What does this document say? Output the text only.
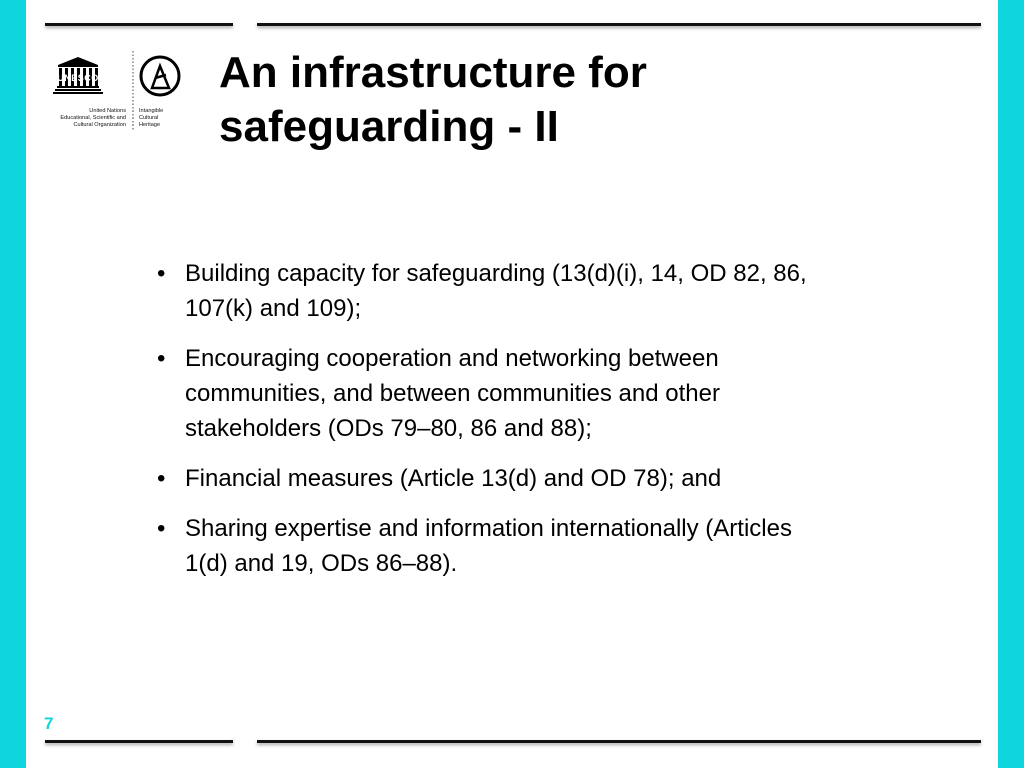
UNESCO
United Nations
Educational, Scientific and
Cultural Organization
·
·
·
Intangible
Cultural
Heritage
An infrastructure for
safeguarding - II
• Building capacity for safeguarding (13(d)(i), 14, OD 82, 86,
107(k) and 109);
• Encouraging cooperation and networking between
communities, and between communities and other
stakeholders (ODs 79–80, 86 and 88);
• Financial measures (Article 13(d) and OD 78); and
• Sharing expertise and information internationally (Articles
1(d) and 19, ODs 86–88).
7
